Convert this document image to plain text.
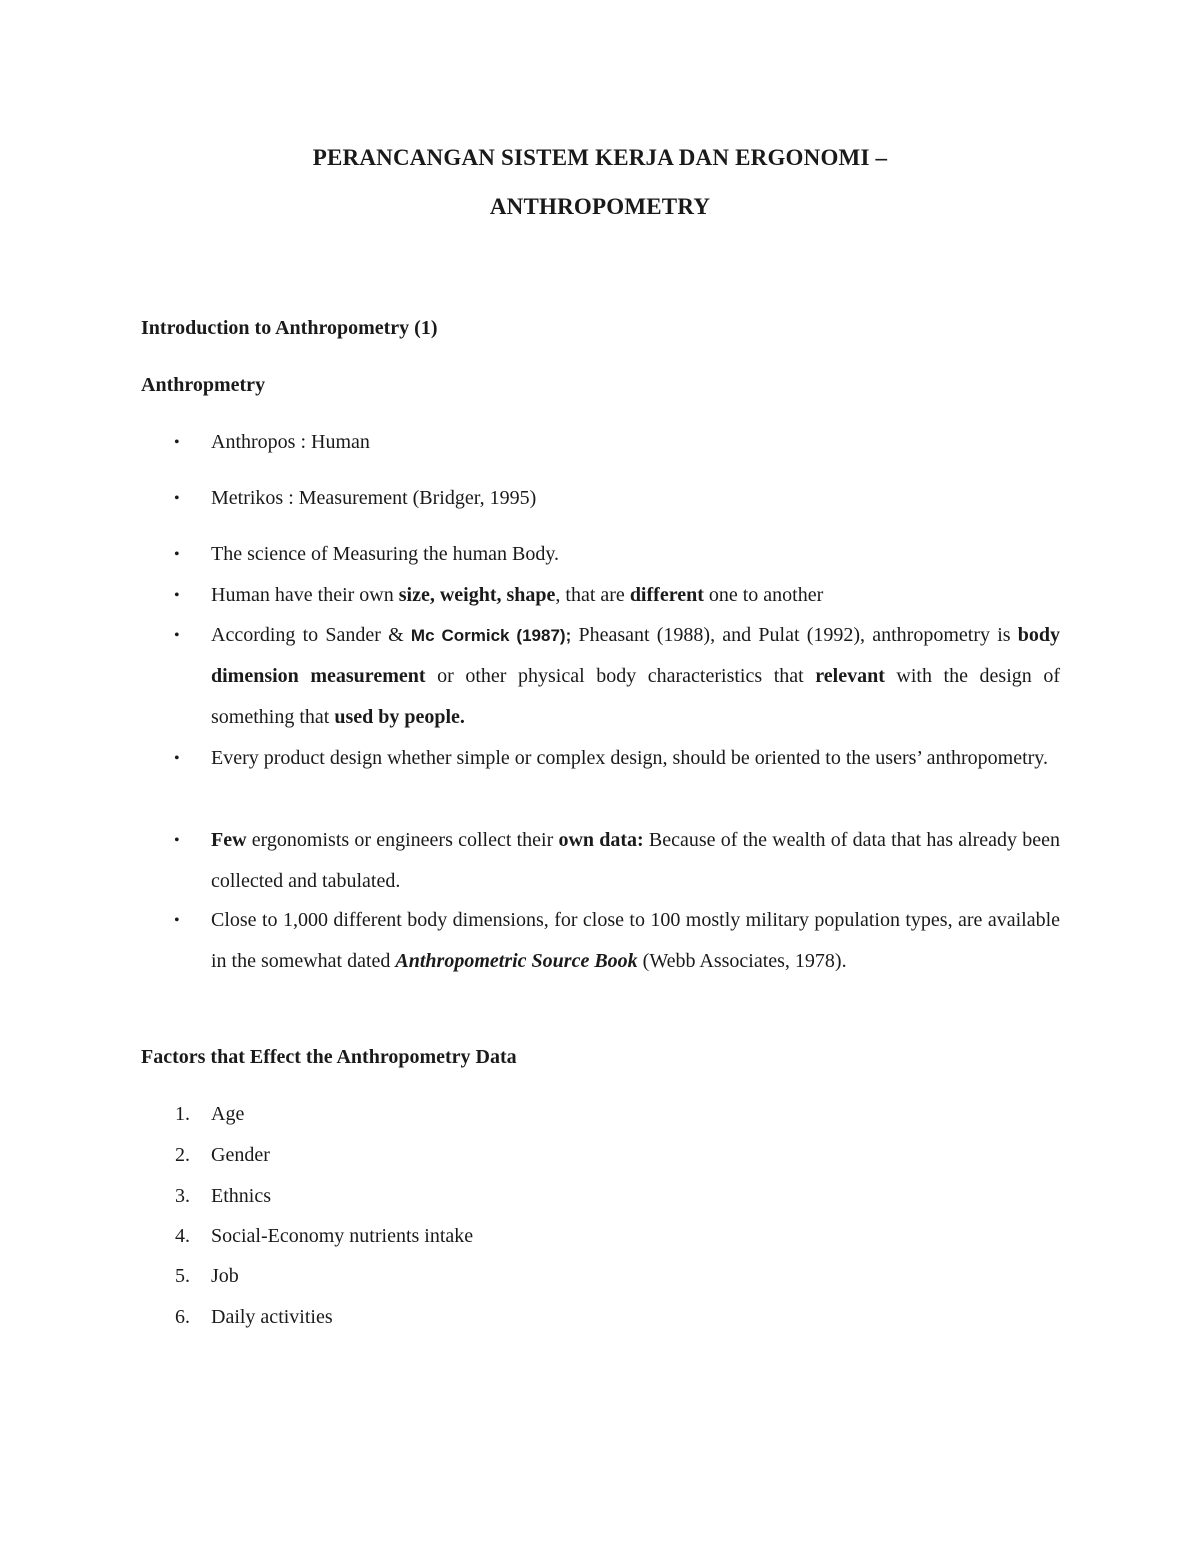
PERANCANGAN SISTEM KERJA DAN ERGONOMI –
ANTHROPOMETRY
Introduction to Anthropometry (1)
Anthropmetry
• Anthropos : Human
• Metrikos : Measurement (Bridger, 1995)
• The science of Measuring the human Body.
• Human have their own size, weight, shape, that are different one to another
• According to Sander & Mc Cormick (1987); Pheasant (1988), and Pulat (1992), anthropometry is body dimension measurement or other physical body characteristics that relevant with the design of something that used by people.
• Every product design whether simple or complex design, should be oriented to the users’ anthropometry.
• Few ergonomists or engineers collect their own data: Because of the wealth of data that has already been collected and tabulated.
• Close to 1,000 different body dimensions, for close to 100 mostly military population types, are available in the somewhat dated Anthropometric Source Book (Webb Associates, 1978).
Factors that Effect the Anthropometry Data
1. Age
2. Gender
3. Ethnics
4. Social-Economy nutrients intake
5. Job
6. Daily activities
